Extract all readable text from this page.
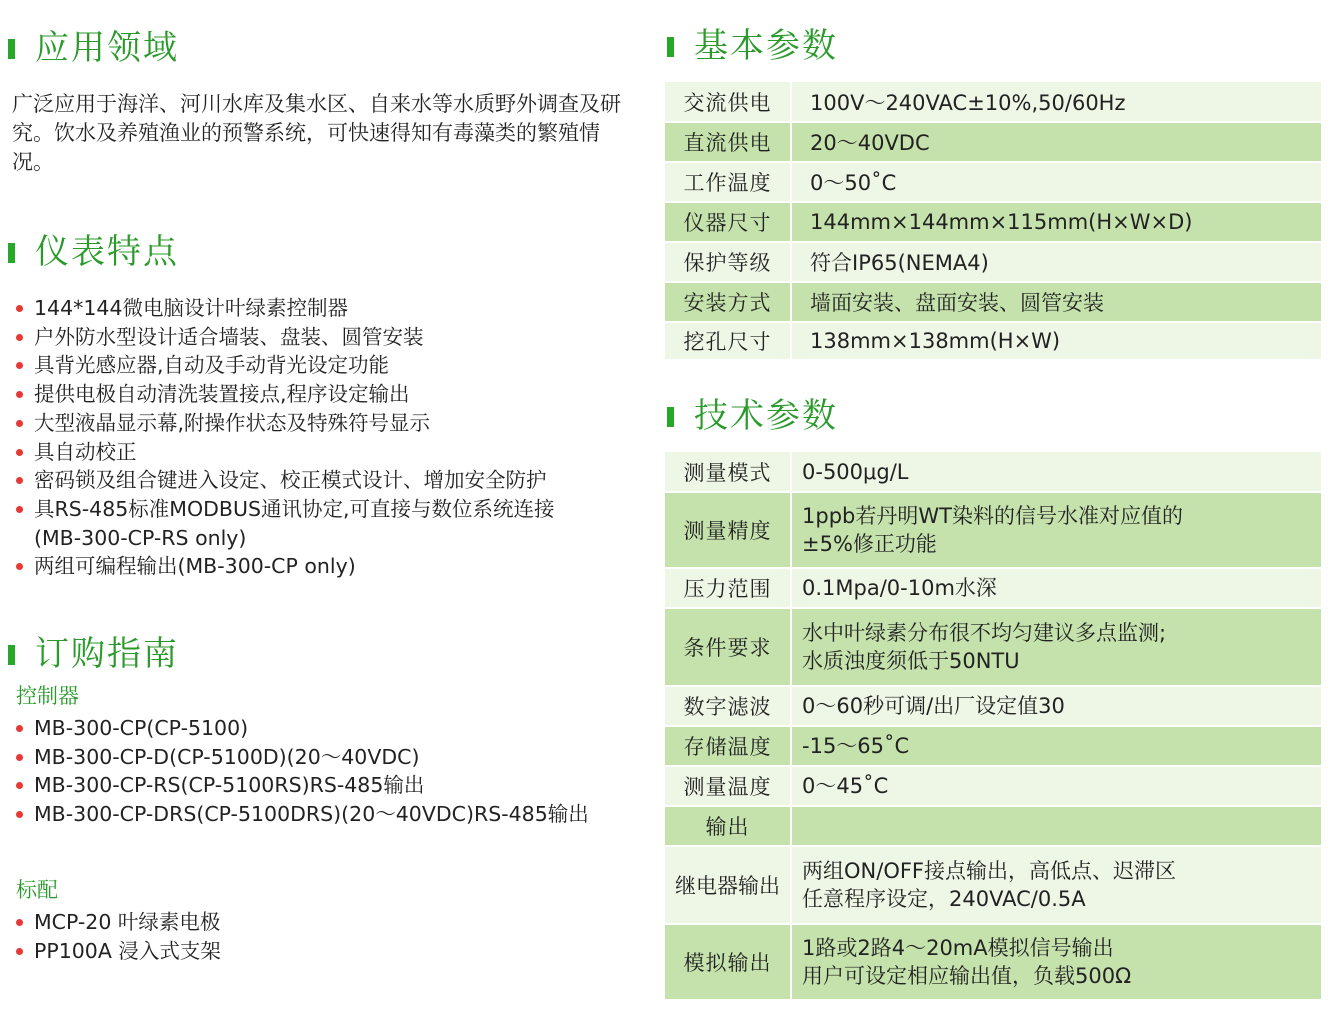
应用领域
广泛应用于海洋、河川水库及集水区、自来水等水质野外调查及研究。饮水及养殖渔业的预警系统，可快速得知有毒藻类的繁殖情况。
仪表特点
144*144微电脑设计叶绿素控制器
户外防水型设计适合墙装、盘装、圆管安装
具背光感应器,自动及手动背光设定功能
提供电极自动清洗装置接点,程序设定输出
大型液晶显示幕,附操作状态及特殊符号显示
具自动校正
密码锁及组合键进入设定、校正模式设计、增加安全防护
具RS-485标准MODBUS通讯协定,可直接与数位系统连接
(MB-300-CP-RS only)
两组可编程输出(MB-300-CP only)
订购指南
控制器
MB-300-CP(CP-5100)
MB-300-CP-D(CP-5100D)(20～40VDC)
MB-300-CP-RS(CP-5100RS)RS-485输出
MB-300-CP-DRS(CP-5100DRS)(20～40VDC)RS-485输出
标配
MCP-20 叶绿素电极
PP100A 浸入式支架
基本参数
交流供电	100V～240VAC±10%,50/60Hz
直流供电	20～40VDC
工作温度	0～50˚C
仪器尺寸	144mm×144mm×115mm(H×W×D)
保护等级	符合IP65(NEMA4)
安装方式	墙面安装、盘面安装、圆管安装
挖孔尺寸	138mm×138mm(H×W)
技术参数
测量模式	0-500μg/L

测量精度	1ppb若丹明WT染料的信号水准对应值的
±5%修正功能

压力范围	0.1Mpa/0-10m水深

条件要求	水中叶绿素分布很不均匀建议多点监测;
水质浊度须低于50NTU

数字滤波	0～60秒可调/出厂设定值30

存储温度	-15～65˚C

测量温度	0～45˚C

输出	

继电器输出	两组ON/OFF接点输出，高低点、迟滞区
任意程序设定，240VAC/0.5A

模拟输出	1路或2路4～20mA模拟信号输出
用户可设定相应输出值，负载500Ω
